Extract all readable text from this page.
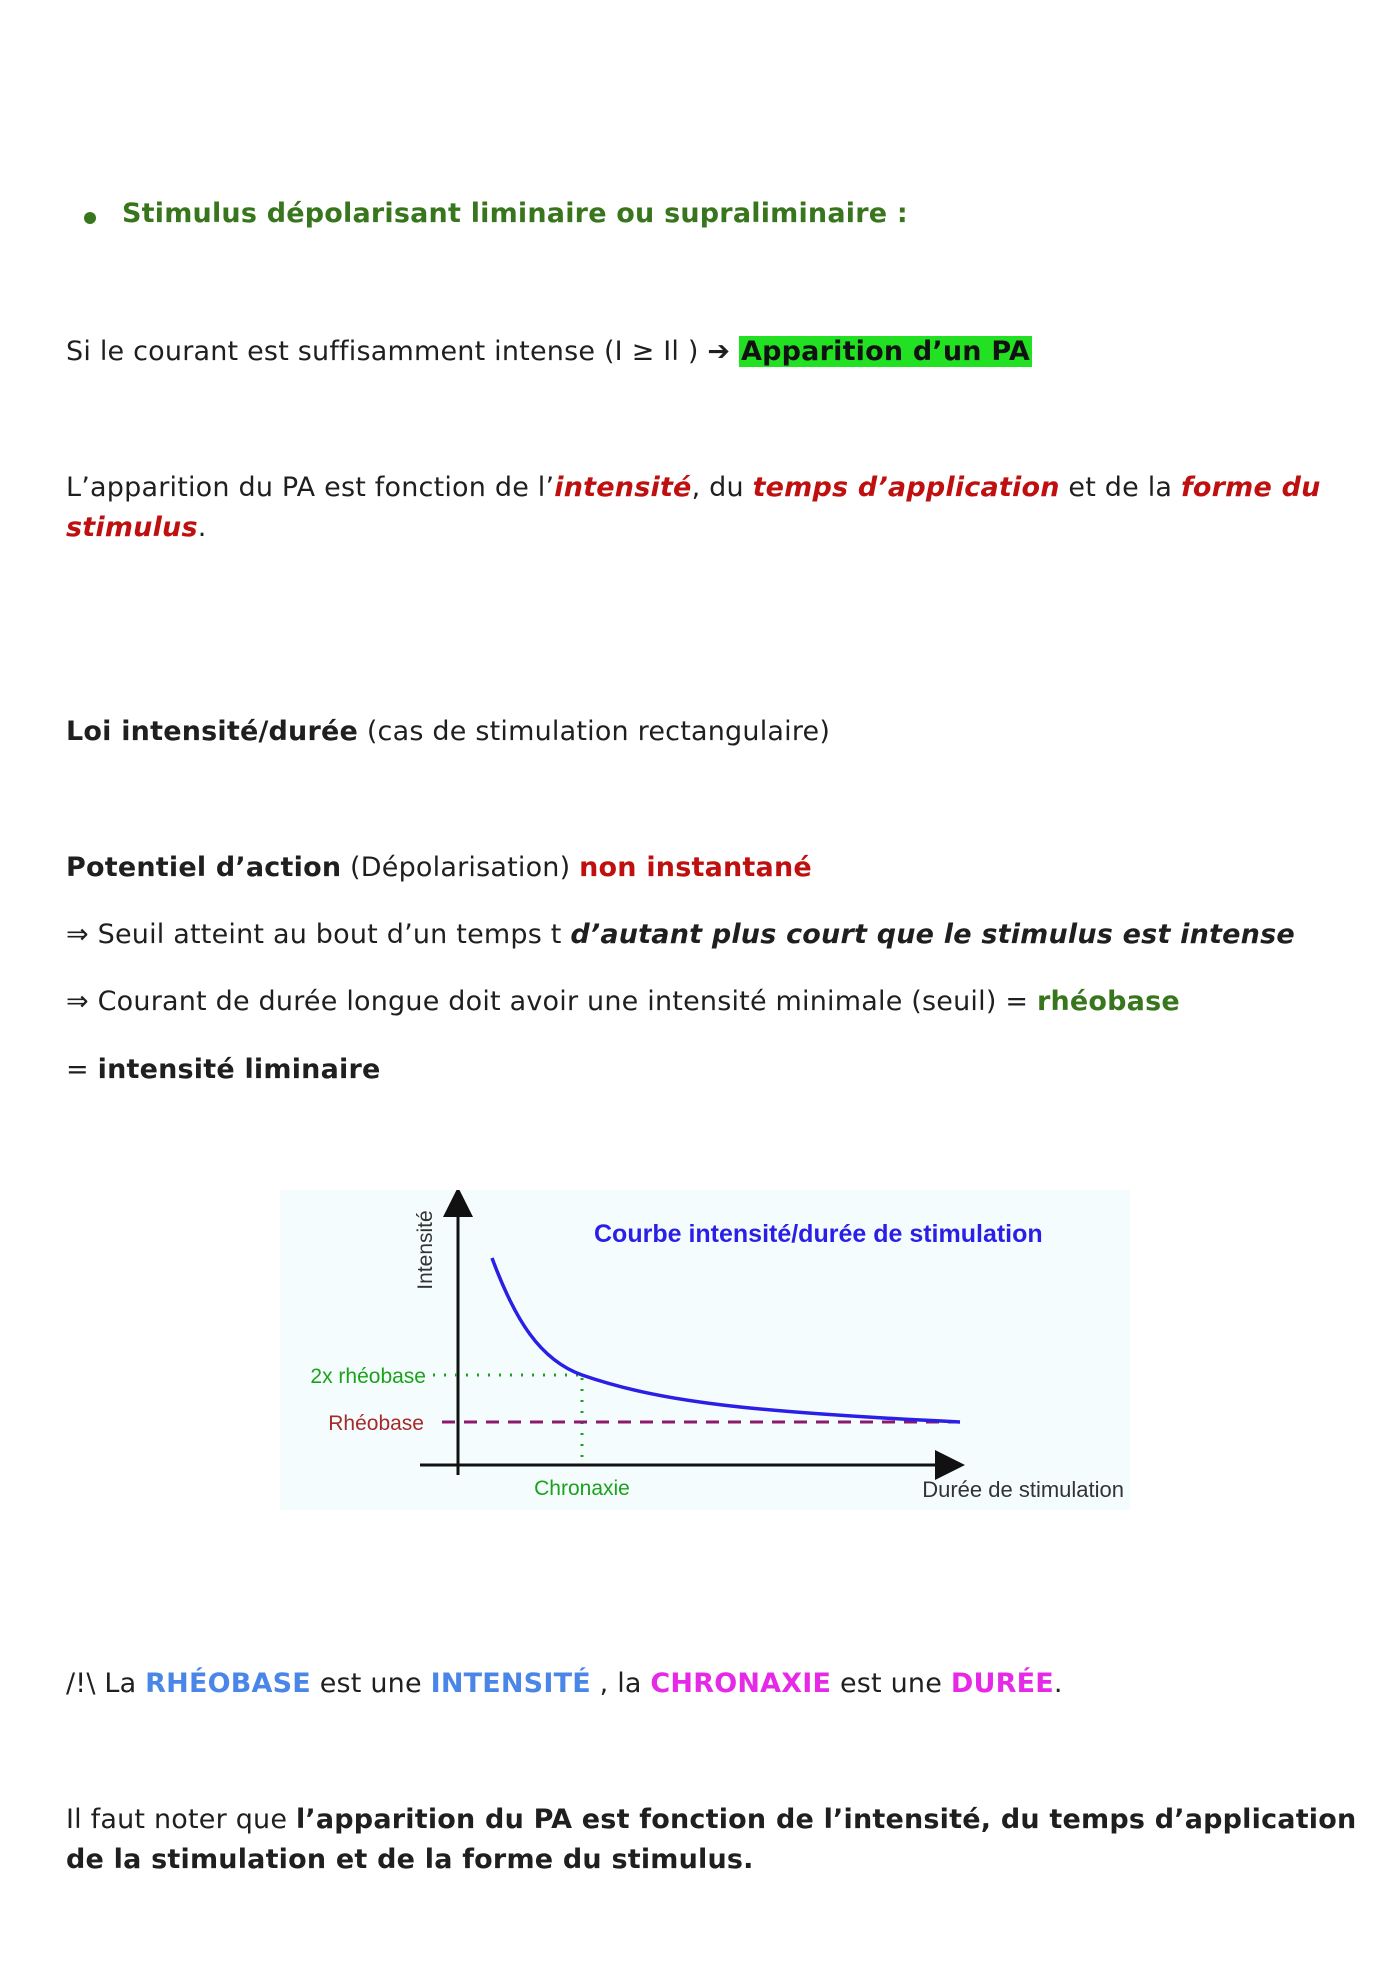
Stimulus dépolarisant liminaire ou supraliminaire :
Si le courant est suffisamment intense (I ≥ Il ) ➔ Apparition d’un PA
L’apparition du PA est fonction de l’intensité, du temps d’application et de la forme du
stimulus.
Loi intensité/durée (cas de stimulation rectangulaire)
Potentiel d’action (Dépolarisation) non instantané
⇒ Seuil atteint au bout d’un temps t d’autant plus court que le stimulus est intense
⇒ Courant de durée longue doit avoir une intensité minimale (seuil) = rhéobase
= intensité liminaire
Courbe intensité/durée de stimulation
Intensité
2x rhéobase
Rhéobase
Chronaxie	Durée de stimulation
/!\ La RHÉOBASE est une INTENSITÉ , la CHRONAXIE est une DURÉE.
Il faut noter que l’apparition du PA est fonction de l’intensité, du temps d’application
de la stimulation et de la forme du stimulus.
